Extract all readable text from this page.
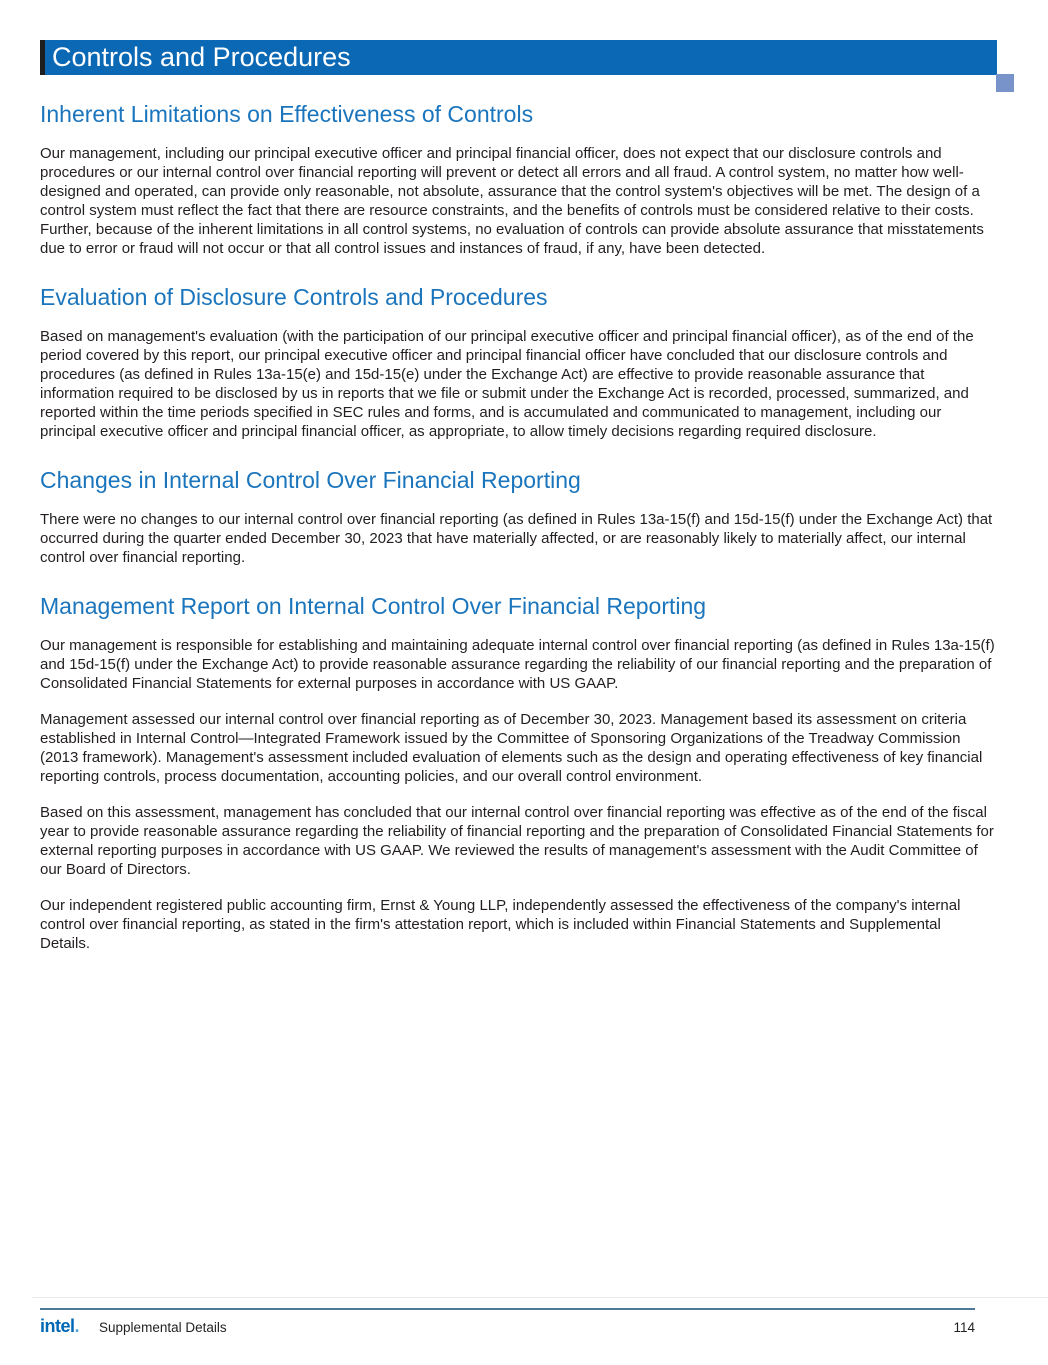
Controls and Procedures
Inherent Limitations on Effectiveness of Controls

Our management, including our principal executive officer and principal financial officer, does not expect that our disclosure controls and procedures or our internal control over financial reporting will prevent or detect all errors and all fraud. A control system, no matter how well-designed and operated, can provide only reasonable, not absolute, assurance that the control system's objectives will be met. The design of a control system must reflect the fact that there are resource constraints, and the benefits of controls must be considered relative to their costs. Further, because of the inherent limitations in all control systems, no evaluation of controls can provide absolute assurance that misstatements due to error or fraud will not occur or that all control issues and instances of fraud, if any, have been detected.

Evaluation of Disclosure Controls and Procedures

Based on management's evaluation (with the participation of our principal executive officer and principal financial officer), as of the end of the period covered by this report, our principal executive officer and principal financial officer have concluded that our disclosure controls and procedures (as defined in Rules 13a-15(e) and 15d-15(e) under the Exchange Act) are effective to provide reasonable assurance that information required to be disclosed by us in reports that we file or submit under the Exchange Act is recorded, processed, summarized, and reported within the time periods specified in SEC rules and forms, and is accumulated and communicated to management, including our principal executive officer and principal financial officer, as appropriate, to allow timely decisions regarding required disclosure.

Changes in Internal Control Over Financial Reporting

There were no changes to our internal control over financial reporting (as defined in Rules 13a-15(f) and 15d-15(f) under the Exchange Act) that occurred during the quarter ended December 30, 2023 that have materially affected, or are reasonably likely to materially affect, our internal control over financial reporting.

Management Report on Internal Control Over Financial Reporting

Our management is responsible for establishing and maintaining adequate internal control over financial reporting (as defined in Rules 13a-15(f) and 15d-15(f) under the Exchange Act) to provide reasonable assurance regarding the reliability of our financial reporting and the preparation of Consolidated Financial Statements for external purposes in accordance with US GAAP.

Management assessed our internal control over financial reporting as of December 30, 2023. Management based its assessment on criteria established in Internal Control—Integrated Framework issued by the Committee of Sponsoring Organizations of the Treadway Commission (2013 framework). Management's assessment included evaluation of elements such as the design and operating effectiveness of key financial reporting controls, process documentation, accounting policies, and our overall control environment.

Based on this assessment, management has concluded that our internal control over financial reporting was effective as of the end of the fiscal year to provide reasonable assurance regarding the reliability of financial reporting and the preparation of Consolidated Financial Statements for external reporting purposes in accordance with US GAAP. We reviewed the results of management's assessment with the Audit Committee of our Board of Directors.

Our independent registered public accounting firm, Ernst & Young LLP, independently assessed the effectiveness of the company's internal control over financial reporting, as stated in the firm's attestation report, which is included within Financial Statements and Supplemental Details.

intel. Supplemental Details	114
